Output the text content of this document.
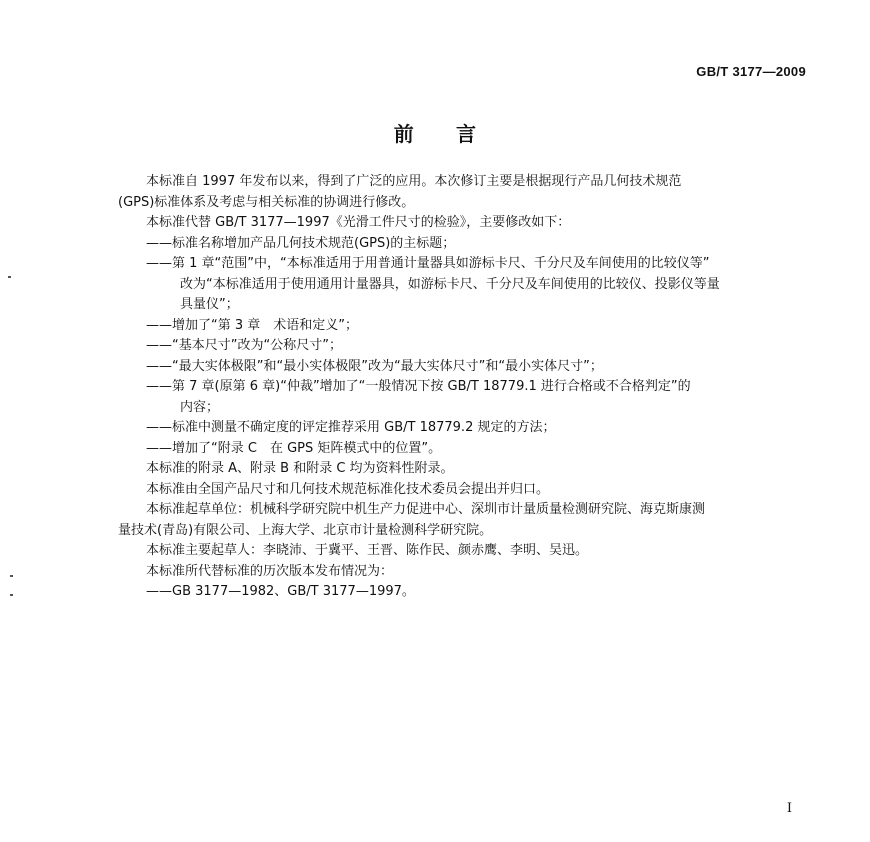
GB/T 3177—2009
前 言

本标准自 1997 年发布以来，得到了广泛的应用。本次修订主要是根据现行产品几何技术规范

(GPS)标准体系及考虑与相关标准的协调进行修改。

本标准代替 GB/T 3177—1997《光滑工件尺寸的检验》，主要修改如下：

——标准名称增加产品几何技术规范(GPS)的主标题；

——第 1 章“范围”中，“本标准适用于用普通计量器具如游标卡尺、千分尺及车间使用的比较仪等”

改为“本标准适用于使用通用计量器具，如游标卡尺、千分尺及车间使用的比较仪、投影仪等量

具量仪”；

——增加了“第 3 章　术语和定义”；

——“基本尺寸”改为“公称尺寸”；

——“最大实体极限”和“最小实体极限”改为“最大实体尺寸”和“最小实体尺寸”；

——第 7 章(原第 6 章)“仲裁”增加了“一般情况下按 GB/T 18779.1 进行合格或不合格判定”的

内容；

——标准中测量不确定度的评定推荐采用 GB/T 18779.2 规定的方法；

——增加了“附录 C　在 GPS 矩阵模式中的位置”。

本标准的附录 A、附录 B 和附录 C 均为资料性附录。

本标准由全国产品尺寸和几何技术规范标准化技术委员会提出并归口。

本标准起草单位：机械科学研究院中机生产力促进中心、深圳市计量质量检测研究院、海克斯康测

量技术(青岛)有限公司、上海大学、北京市计量检测科学研究院。

本标准主要起草人：李晓沛、于冀平、王晋、陈作民、颜赤鹰、李明、吴迅。

本标准所代替标准的历次版本发布情况为：

——GB 3177—1982、GB/T 3177—1997。

I
